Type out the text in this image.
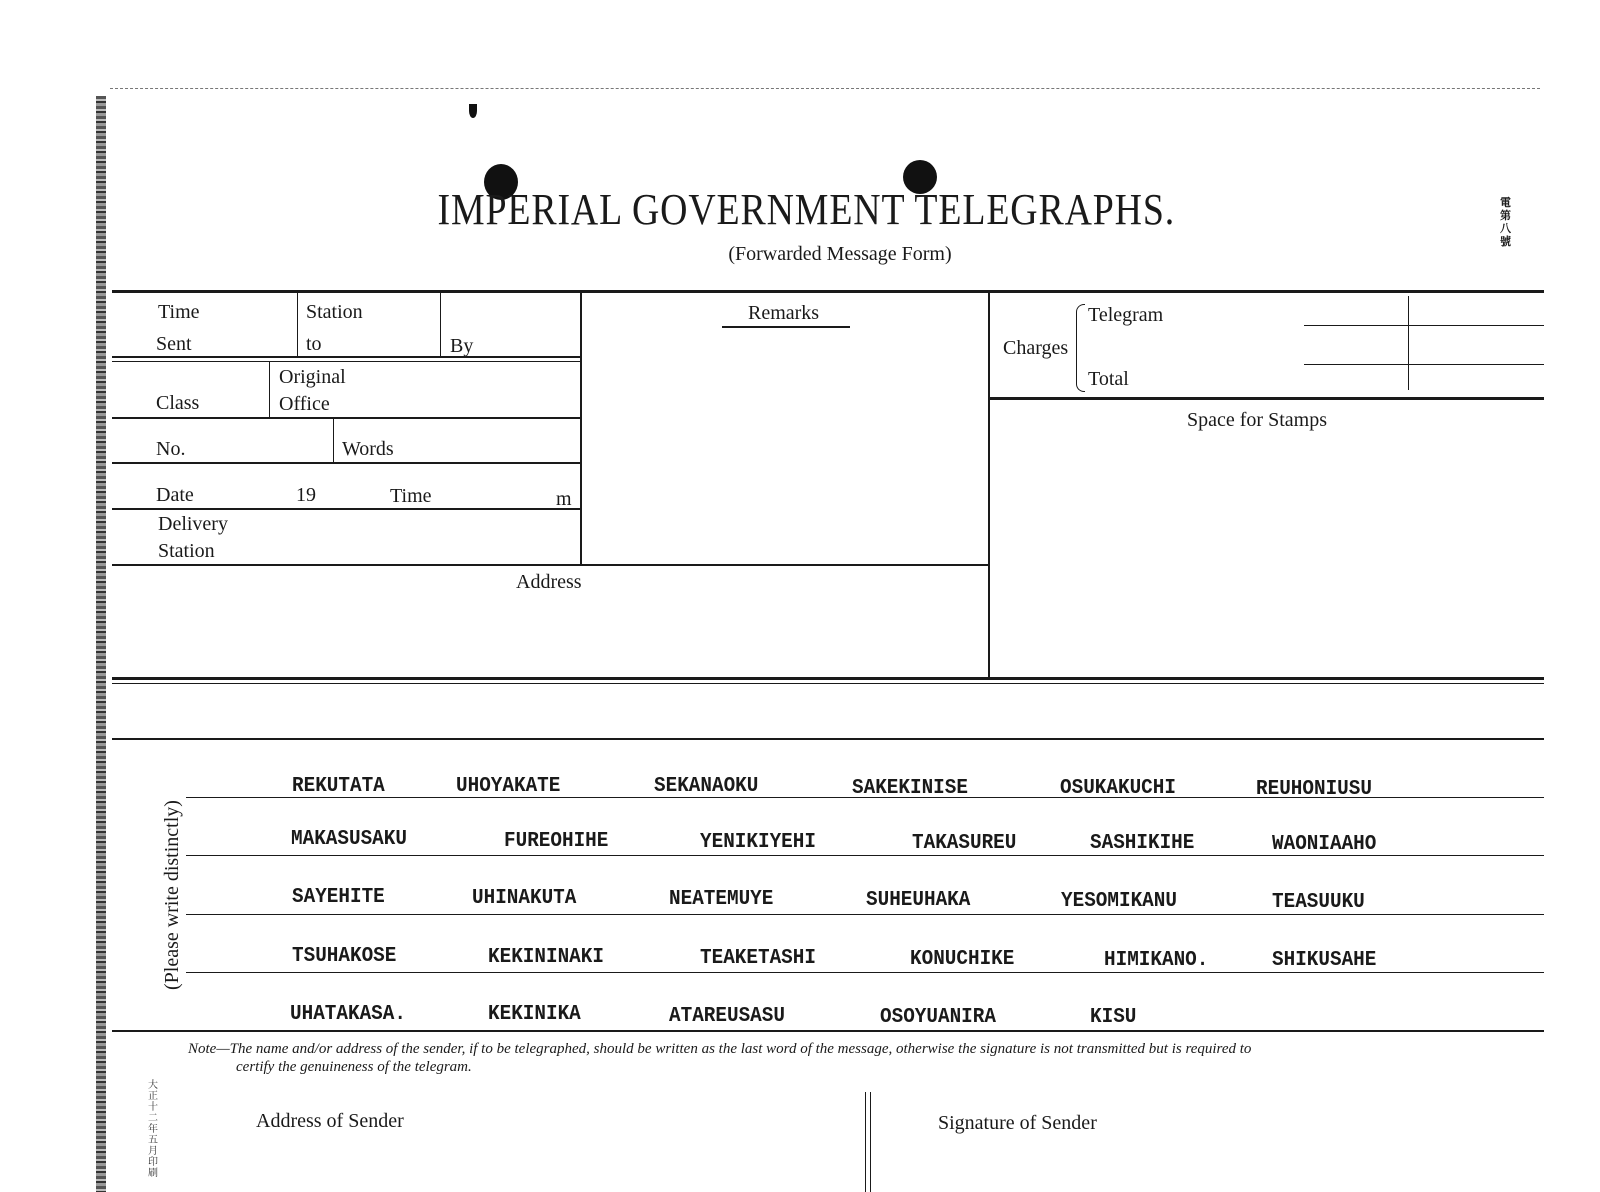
IMPERIAL GOVERNMENT TELEGRAPHS.
(Forwarded Message Form)
電第八號
Time
Sent
Station
to	By
Class
Original
Office
No.	Words
Date	19	Time	m
Delivery
Station
Remarks
Charges
Telegram
Total
Space for Stamps
Address
(Please write distinctly)
REKUTATA	UHOYAKATE	SEKANAOKU	SAKEKINISE	OSUKAKUCHI	REUHONIUSU
MAKASUSAKU	FUREOHIHE	YENIKIYEHI	TAKASUREU	SASHIKIHE	WAONIAAHO
SAYEHITE	UHINAKUTA	NEATEMUYE	SUHEUHAKA	YESOMIKANU	TEASUUKU
TSUHAKOSE	KEKININAKI	TEAKETASHI	KONUCHIKE	HIMIKANO.	SHIKUSAHE
UHATAKASA.	KEKINIKA	ATAREUSASU	OSOYUANIRA	KISU
Note—The name and/or address of the sender, if to be telegraphed, should be written as the last word of the message, otherwise the signature is not transmitted but is required to
certify the genuineness of the telegram.
Address of Sender	Signature of Sender
大正十二年五月印刷
